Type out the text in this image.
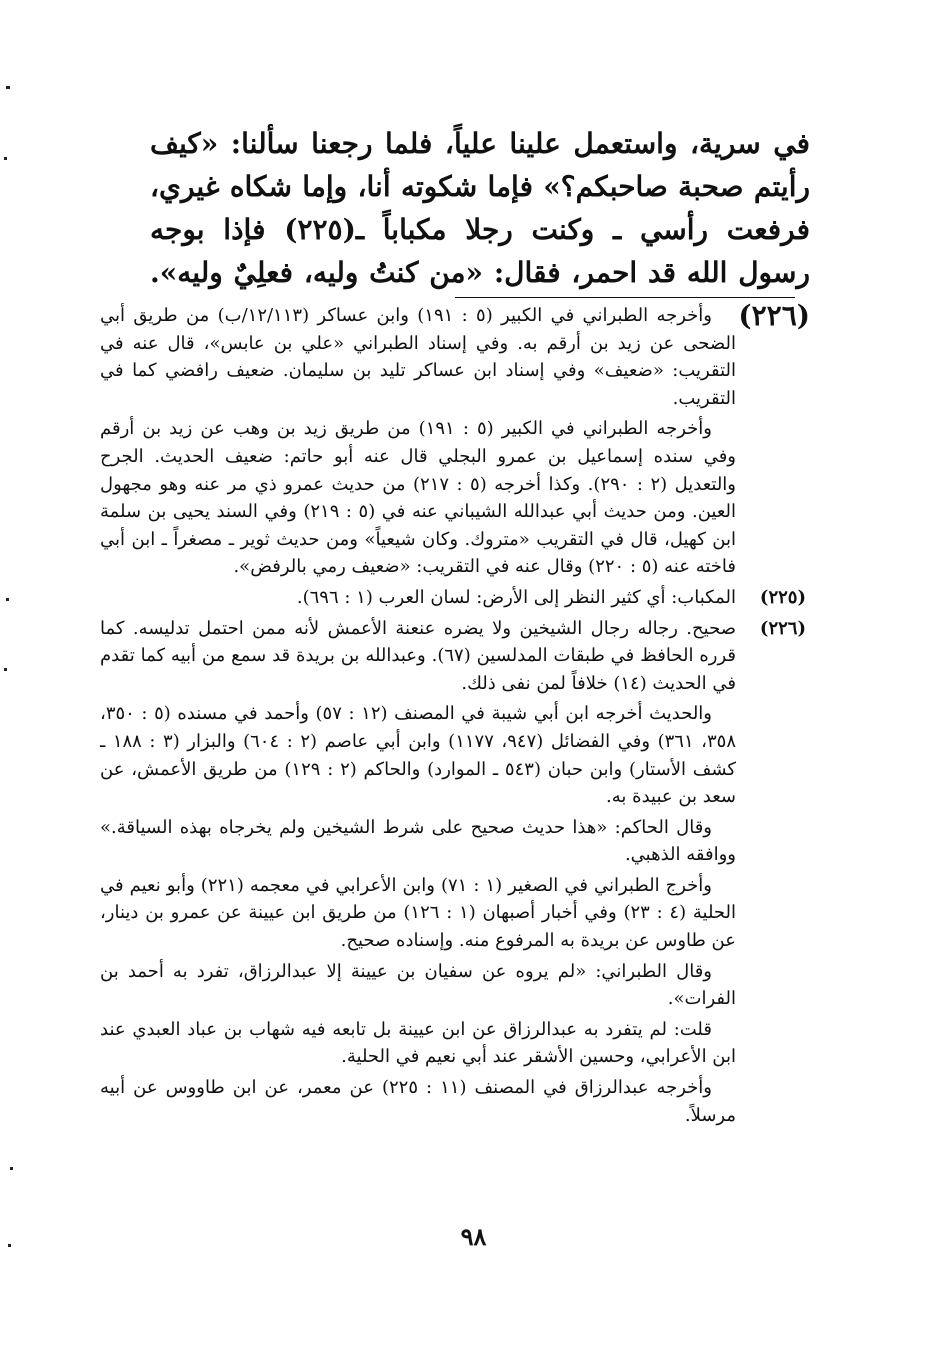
في سرية، واستعمل علينا علياً، فلما رجعنا سألنا: «كيف رأيتم صحبة صاحبكم؟» فإما شكوته أنا، وإما شكاه غيري، فرفعت رأسي ـ وكنت رجلا مكباباً ـ(٢٢٥) فإذا بوجه رسول الله قد احمر، فقال: «من كنتُ وليه، فعلِيٌ وليه». (٢٢٦)

وأخرجه الطبراني في الكبير (٥ : ١٩١) وابن عساكر (١٢/١١٣/ب) من طريق أبي الضحى عن زيد بن أرقم به. وفي إسناد الطبراني «علي بن عابس»، قال عنه في التقريب: «ضعيف» وفي إسناد ابن عساكر تليد بن سليمان. ضعيف رافضي كما في التقريب.

وأخرجه الطبراني في الكبير (٥ : ١٩١) من طريق زيد بن وهب عن زيد بن أرقم وفي سنده إسماعيل بن عمرو البجلي قال عنه أبو حاتم: ضعيف الحديث. الجرح والتعديل (٢ : ٢٩٠). وكذا أخرجه (٥ : ٢١٧) من حديث عمرو ذي مر عنه وهو مجهول العين. ومن حديث أبي عبدالله الشيباني عنه في (٥ : ٢١٩) وفي السند يحيى بن سلمة ابن كهيل، قال في التقريب «متروك. وكان شيعياً» ومن حديث ثوير ـ مصغراً ـ ابن أبي فاخته عنه (٥ : ٢٢٠) وقال عنه في التقريب: «ضعيف رمي بالرفض».

(٢٢٥)
المكباب: أي كثير النظر إلى الأرض: لسان العرب (١ : ٦٩٦).
(٢٢٦)
صحيح. رجاله رجال الشيخين ولا يضره عنعنة الأعمش لأنه ممن احتمل تدليسه. كما قرره الحافظ في طبقات المدلسين (٦٧). وعبدالله بن بريدة قد سمع من أبيه كما تقدم في الحديث (١٤) خلافاً لمن نفى ذلك.

والحديث أخرجه ابن أبي شيبة في المصنف (١٢ : ٥٧) وأحمد في مسنده (٥ : ٣٥٠، ٣٥٨، ٣٦١) وفي الفضائل (٩٤٧، ١١٧٧) وابن أبي عاصم (٢ : ٦٠٤) والبزار (٣ : ١٨٨ ـ كشف الأستار) وابن حبان (٥٤٣ ـ الموارد) والحاكم (٢ : ١٢٩) من طريق الأعمش، عن سعد بن عبيدة به.

وقال الحاكم: «هذا حديث صحيح على شرط الشيخين ولم يخرجاه بهذه السياقة.» ووافقه الذهبي.

وأخرج الطبراني في الصغير (١ : ٧١) وابن الأعرابي في معجمه (٢٢١) وأبو نعيم في الحلية (٤ : ٢٣) وفي أخبار أصبهان (١ : ١٢٦) من طريق ابن عيينة عن عمرو بن دينار، عن طاوس عن بريدة به المرفوع منه. وإسناده صحيح.

وقال الطبراني: «لم يروه عن سفيان بن عيينة إلا عبدالرزاق، تفرد به أحمد بن الفرات».

قلت: لم يتفرد به عبدالرزاق عن ابن عيينة بل تابعه فيه شهاب بن عباد العبدي عند ابن الأعرابي، وحسين الأشقر عند أبي نعيم في الحلية.

وأخرجه عبدالرزاق في المصنف (١١ : ٢٢٥) عن معمر، عن ابن طاووس عن أبيه مرسلاً.

٩٨
